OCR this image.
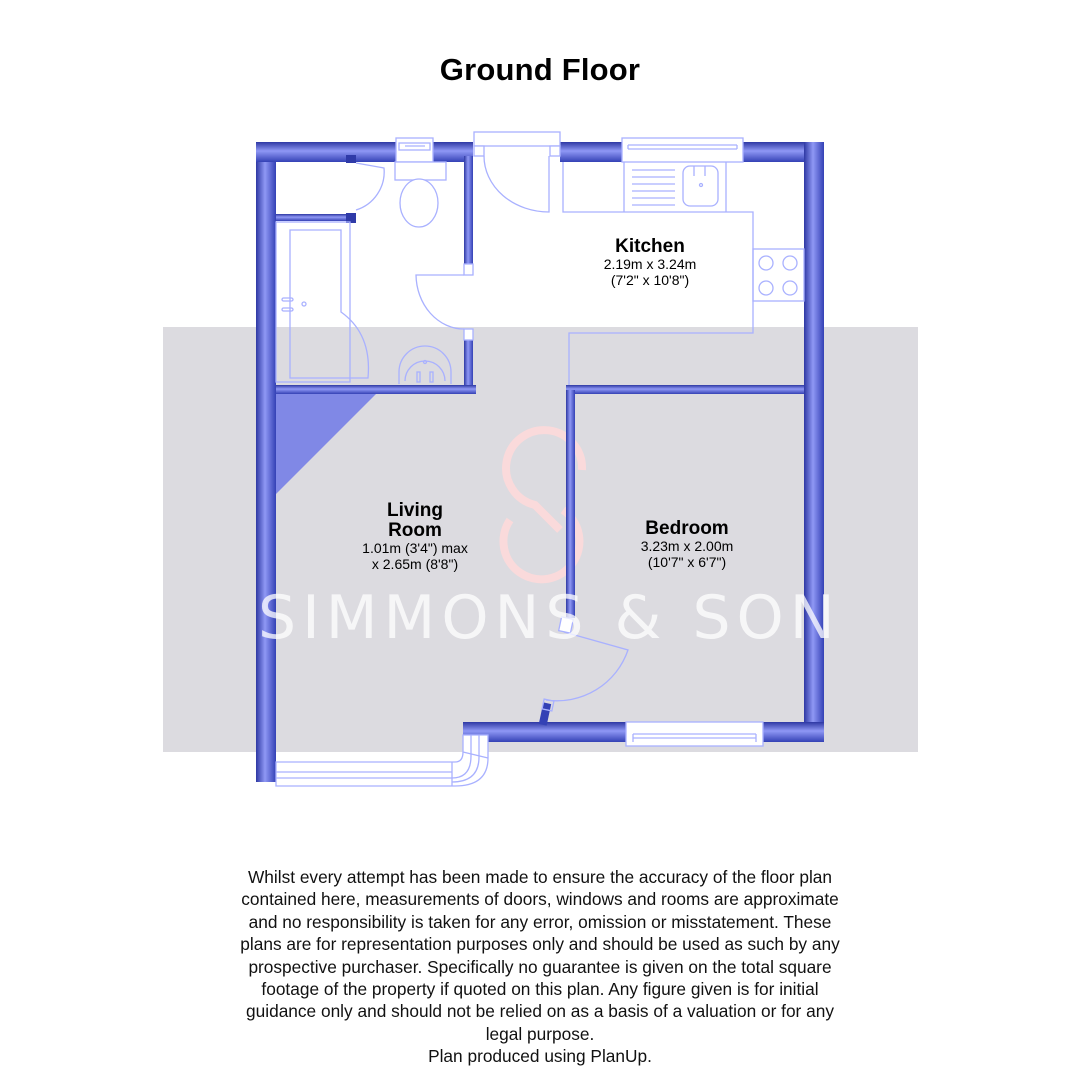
Ground Floor
SIMMONS & SON
Kitchen
2.19m x 3.24m
(7'2" x 10'8")
Living
Room
1.01m (3'4") max
x 2.65m (8'8")
Bedroom
3.23m x 2.00m
(10'7" x 6'7")
Whilst every attempt has been made to ensure the accuracy of the floor plan
contained here, measurements of doors, windows and rooms are approximate
and no responsibility is taken for any error, omission or misstatement. These
plans are for representation purposes only and should be used as such by any
prospective purchaser. Specifically no guarantee is given on the total square
footage of the property if quoted on this plan. Any figure given is for initial
guidance only and should not be relied on as a basis of a valuation or for any
legal purpose.
Plan produced using PlanUp.
